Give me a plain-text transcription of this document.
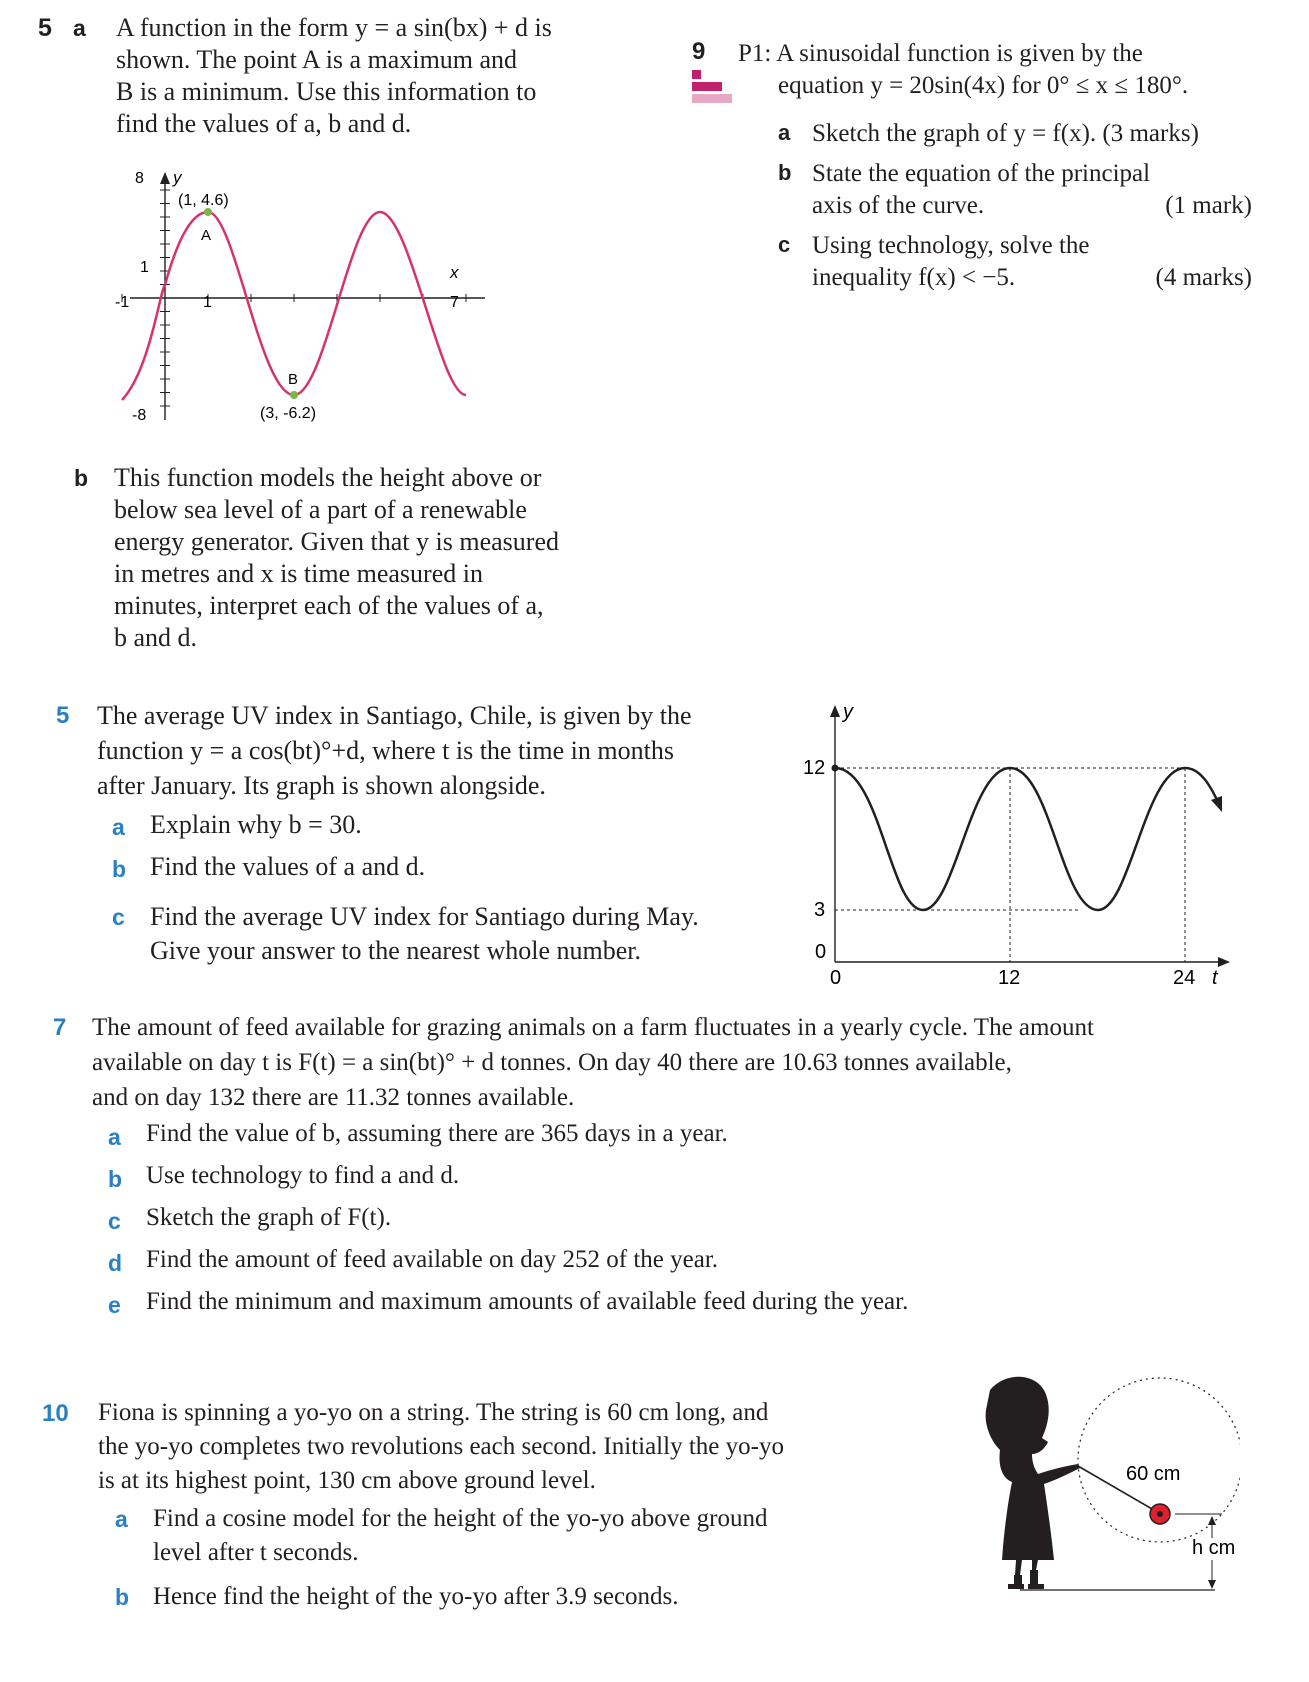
5 a A function in the form y = a sin(bx) + d is
shown. The point A is a maximum and
B is a minimum. Use this information to
find the values of a, b and d.
8 y
(1, 4.6)
A
1	x
-1	1	7
B
-8	(3, -6.2)
b This function models the height above or
below sea level of a part of a renewable
energy generator. Given that y is measured
in metres and x is time measured in
minutes, interpret each of the values of a,
b and d.
9 P1: A sinusoidal function is given by the
equation y = 20sin(4x) for 0° ≤ x ≤ 180°.
a Sketch the graph of y = f(x). (3 marks)
b State the equation of the principal
axis of the curve.	(1 mark)
c Using technology, solve the
inequality f(x) < −5.	(4 marks)
5 The average UV index in Santiago, Chile, is given by the
function y = a cos(bt)°+d, where t is the time in months
after January. Its graph is shown alongside.
a Explain why b = 30.
b Find the values of a and d.
c Find the average UV index for Santiago during May.
Give your answer to the nearest whole number.
y
12
3
0
0	12	24 t
7 The amount of feed available for grazing animals on a farm fluctuates in a yearly cycle. The amount
available on day t is F(t) = a sin(bt)° + d tonnes. On day 40 there are 10.63 tonnes available,
and on day 132 there are 11.32 tonnes available.
a Find the value of b, assuming there are 365 days in a year.
b Use technology to find a and d.
c Sketch the graph of F(t).
d Find the amount of feed available on day 252 of the year.
e Find the minimum and maximum amounts of available feed during the year.
10 Fiona is spinning a yo-yo on a string. The string is 60 cm long, and
the yo-yo completes two revolutions each second. Initially the yo-yo
is at its highest point, 130 cm above ground level.
a Find a cosine model for the height of the yo-yo above ground
level after t seconds.
b Hence find the height of the yo-yo after 3.9 seconds.
h cm
60 cm
